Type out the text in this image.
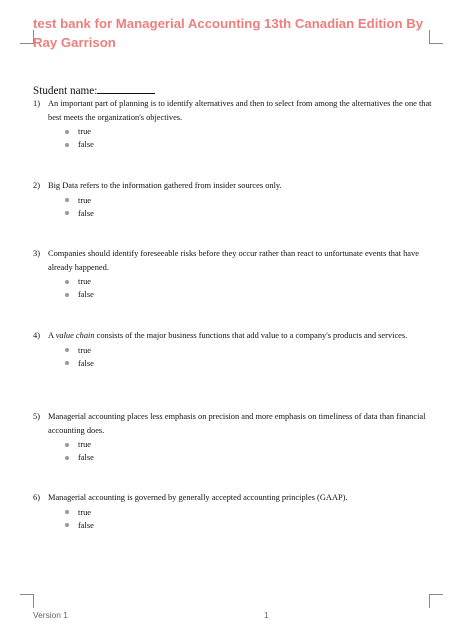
test bank for Managerial Accounting 13th Canadian Edition By Ray Garrison
Student name:
1) An important part of planning is to identify alternatives and then to select from among the alternatives the one that best meets the organization's objectives.
true
false
2) Big Data refers to the information gathered from insider sources only.
true
false
3) Companies should identify foreseeable risks before they occur rather than react to unfortunate events that have already happened.
true
false
4) A value chain consists of the major business functions that add value to a company's products and services.
true
false
5) Managerial accounting places less emphasis on precision and more emphasis on timeliness of data than financial accounting does.
true
false
6) Managerial accounting is governed by generally accepted accounting principles (GAAP).
true
false
Version 1	1
